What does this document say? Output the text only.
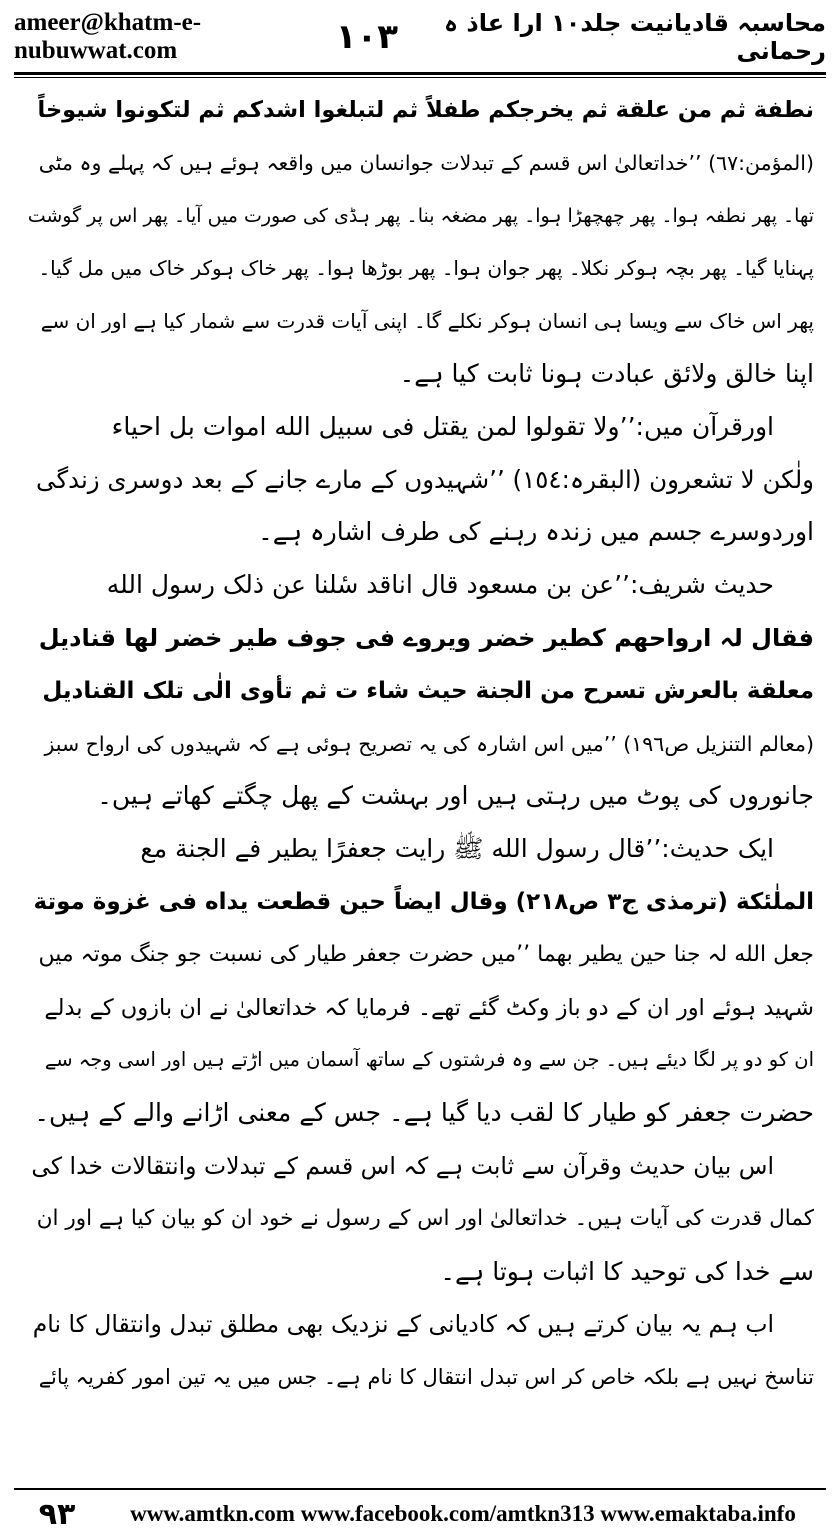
ameer@khatm-e-nubuwwat.com	١٠٣	محاسبہ قادیانیت جلد۱۰ ارا عاذ ہ رحمانی
نطفة ثم من علقة ثم يخرجكم طفلاً ثم لتبلغوا اشدكم ثم لتكونوا شيوخاً
(المؤمن:٦٧) ’’خداتعالیٰ اس قسم کے تبدلات جوانسان میں واقعہ ہوئے ہیں کہ پہلے وہ مٹی
تھا۔ پھر نطفہ ہوا۔ پھر چھچھڑا ہوا۔ پھر مضغہ بنا۔ پھر ہڈی کی صورت میں آیا۔ پھر اس پر گوشت
پہنایا گیا۔ پھر بچہ ہوکر نکلا۔ پھر جوان ہوا۔ پھر بوڑھا ہوا۔ پھر خاک ہوکر خاک میں مل گیا۔
پھر اس خاک سے ویسا ہی انسان ہوکر نکلے گا۔ اپنی آیات قدرت سے شمار کیا ہے اور ان سے
اپنا خالق ولائق عبادت ہونا ثابت کیا ہے۔
اورقرآن میں:’’ولا تقولوا لمن يقتل فی سبيل الله اموات بل احياء
ولٰكن لا تشعرون (البقرہ:١٥٤) ’’شہیدوں کے مارے جانے کے بعد دوسری زندگی
اوردوسرے جسم میں زندہ رہنے کی طرف اشارہ ہے۔
حدیث شریف:’’عن بن مسعود قال اناقد سٔلنا عن ذلک رسول الله
فقال لہ ارواحھم کطير خضر ويروے فی جوف طير خضر لها قناديل
معلقة بالعرش تسرح من الجنة حيث شاء ت ثم تأوی الٰی تلک القناديل
(معالم التنزيل ص١٩٦) ’’میں اس اشارہ کی یہ تصریح ہوئی ہے کہ شہیدوں کی ارواح سبز
جانوروں کی پوٹ میں رہتی ہیں اور بہشت کے پھل چگتے کھاتے ہیں۔
ایک حدیث:’’قال رسول الله ﷺ رايت جعفرًا يطير فے الجنة مع
الملٰئكة (ترمذی ج٣ ص٢١٨) وقال ايضاً حين قطعت يداه فی غزوة موتة
جعل الله لہ جنا حين يطير بهما ’’میں حضرت جعفر طیار کی نسبت جو جنگ موتہ میں
شہید ہوئے اور ان کے دو باز وکٹ گئے تھے۔ فرمایا کہ خداتعالیٰ نے ان بازوں کے بدلے
ان کو دو پر لگا دیئے ہیں۔ جن سے وہ فرشتوں کے ساتھ آسمان میں اڑتے ہیں اور اسی وجہ سے
حضرت جعفر کو طیار کا لقب دیا گیا ہے۔ جس کے معنی اڑانے والے کے ہیں۔
اس بیان حدیث وقرآن سے ثابت ہے کہ اس قسم کے تبدلات وانتقالات خدا کی
کمال قدرت کی آیات ہیں۔ خداتعالیٰ اور اس کے رسول نے خود ان کو بیان کیا ہے اور ان
سے خدا کی توحید کا اثبات ہوتا ہے۔
اب ہم یہ بیان کرتے ہیں کہ کادیانی کے نزدیک بھی مطلق تبدل وانتقال کا نام
تناسخ نہیں ہے بلکہ خاص کر اس تبدل انتقال کا نام ہے۔ جس میں یہ تین امور کفریہ پائے
٩٣	www.amtkn.com www.facebook.com/amtkn313 www.emaktaba.info
